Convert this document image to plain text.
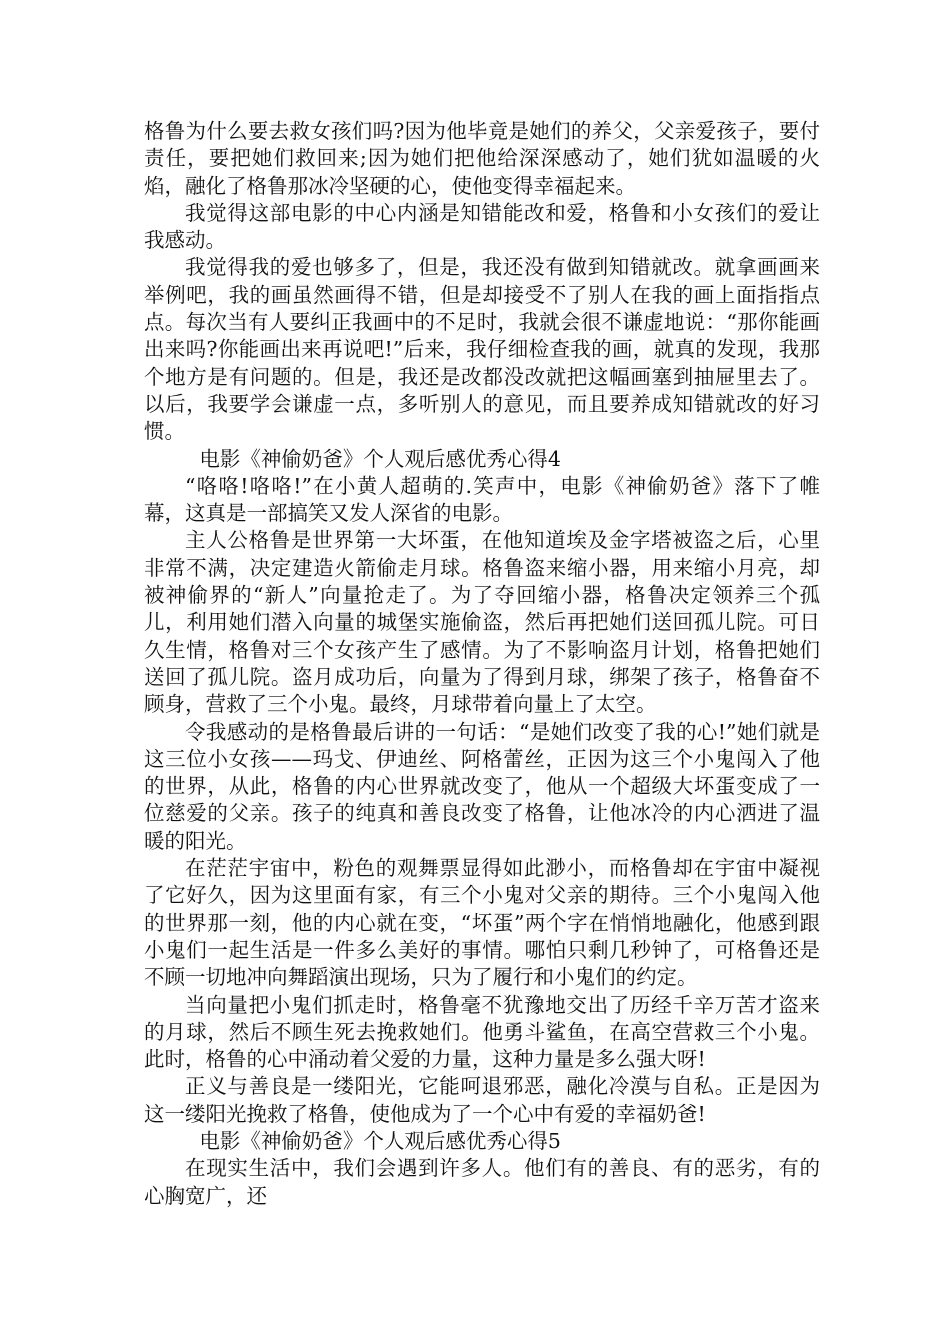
格鲁为什么要去救女孩们吗?因为他毕竟是她们的养父，父亲爱孩子，要付责任，要把她们救回来;因为她们把他给深深感动了，她们犹如温暖的火焰，融化了格鲁那冰冷坚硬的心，使他变得幸福起来。

我觉得这部电影的中心内涵是知错能改和爱，格鲁和小女孩们的爱让我感动。

我觉得我的爱也够多了，但是，我还没有做到知错就改。就拿画画来举例吧，我的画虽然画得不错，但是却接受不了别人在我的画上面指指点点。每次当有人要纠正我画中的不足时，我就会很不谦虚地说：“那你能画出来吗?你能画出来再说吧!”后来，我仔细检查我的画，就真的发现，我那个地方是有问题的。但是，我还是改都没改就把这幅画塞到抽屉里去了。以后，我要学会谦虚一点，多听别人的意见，而且要养成知错就改的好习惯。

电影《神偷奶爸》个人观后感优秀心得4

“咯咯!咯咯!”在小黄人超萌的.笑声中，电影《神偷奶爸》落下了帷幕，这真是一部搞笑又发人深省的电影。

主人公格鲁是世界第一大坏蛋，在他知道埃及金字塔被盗之后，心里非常不满，决定建造火箭偷走月球。格鲁盗来缩小器，用来缩小月亮，却被神偷界的“新人”向量抢走了。为了夺回缩小器，格鲁决定领养三个孤儿，利用她们潜入向量的城堡实施偷盗，然后再把她们送回孤儿院。可日久生情，格鲁对三个女孩产生了感情。为了不影响盗月计划，格鲁把她们送回了孤儿院。盗月成功后，向量为了得到月球，绑架了孩子，格鲁奋不顾身，营救了三个小鬼。最终，月球带着向量上了太空。

令我感动的是格鲁最后讲的一句话：“是她们改变了我的心!”她们就是这三位小女孩——玛戈、伊迪丝、阿格蕾丝，正因为这三个小鬼闯入了他的世界，从此，格鲁的内心世界就改变了，他从一个超级大坏蛋变成了一位慈爱的父亲。孩子的纯真和善良改变了格鲁，让他冰冷的内心洒进了温暖的阳光。

在茫茫宇宙中，粉色的观舞票显得如此渺小，而格鲁却在宇宙中凝视了它好久，因为这里面有家，有三个小鬼对父亲的期待。三个小鬼闯入他的世界那一刻，他的内心就在变，“坏蛋”两个字在悄悄地融化，他感到跟小鬼们一起生活是一件多么美好的事情。哪怕只剩几秒钟了，可格鲁还是不顾一切地冲向舞蹈演出现场，只为了履行和小鬼们的约定。

当向量把小鬼们抓走时，格鲁毫不犹豫地交出了历经千辛万苦才盗来的月球，然后不顾生死去挽救她们。他勇斗鲨鱼，在高空营救三个小鬼。此时，格鲁的心中涌动着父爱的力量，这种力量是多么强大呀!

正义与善良是一缕阳光，它能呵退邪恶，融化冷漠与自私。正是因为这一缕阳光挽救了格鲁，使他成为了一个心中有爱的幸福奶爸!

电影《神偷奶爸》个人观后感优秀心得5

在现实生活中，我们会遇到许多人。他们有的善良、有的恶劣，有的心胸宽广，还
